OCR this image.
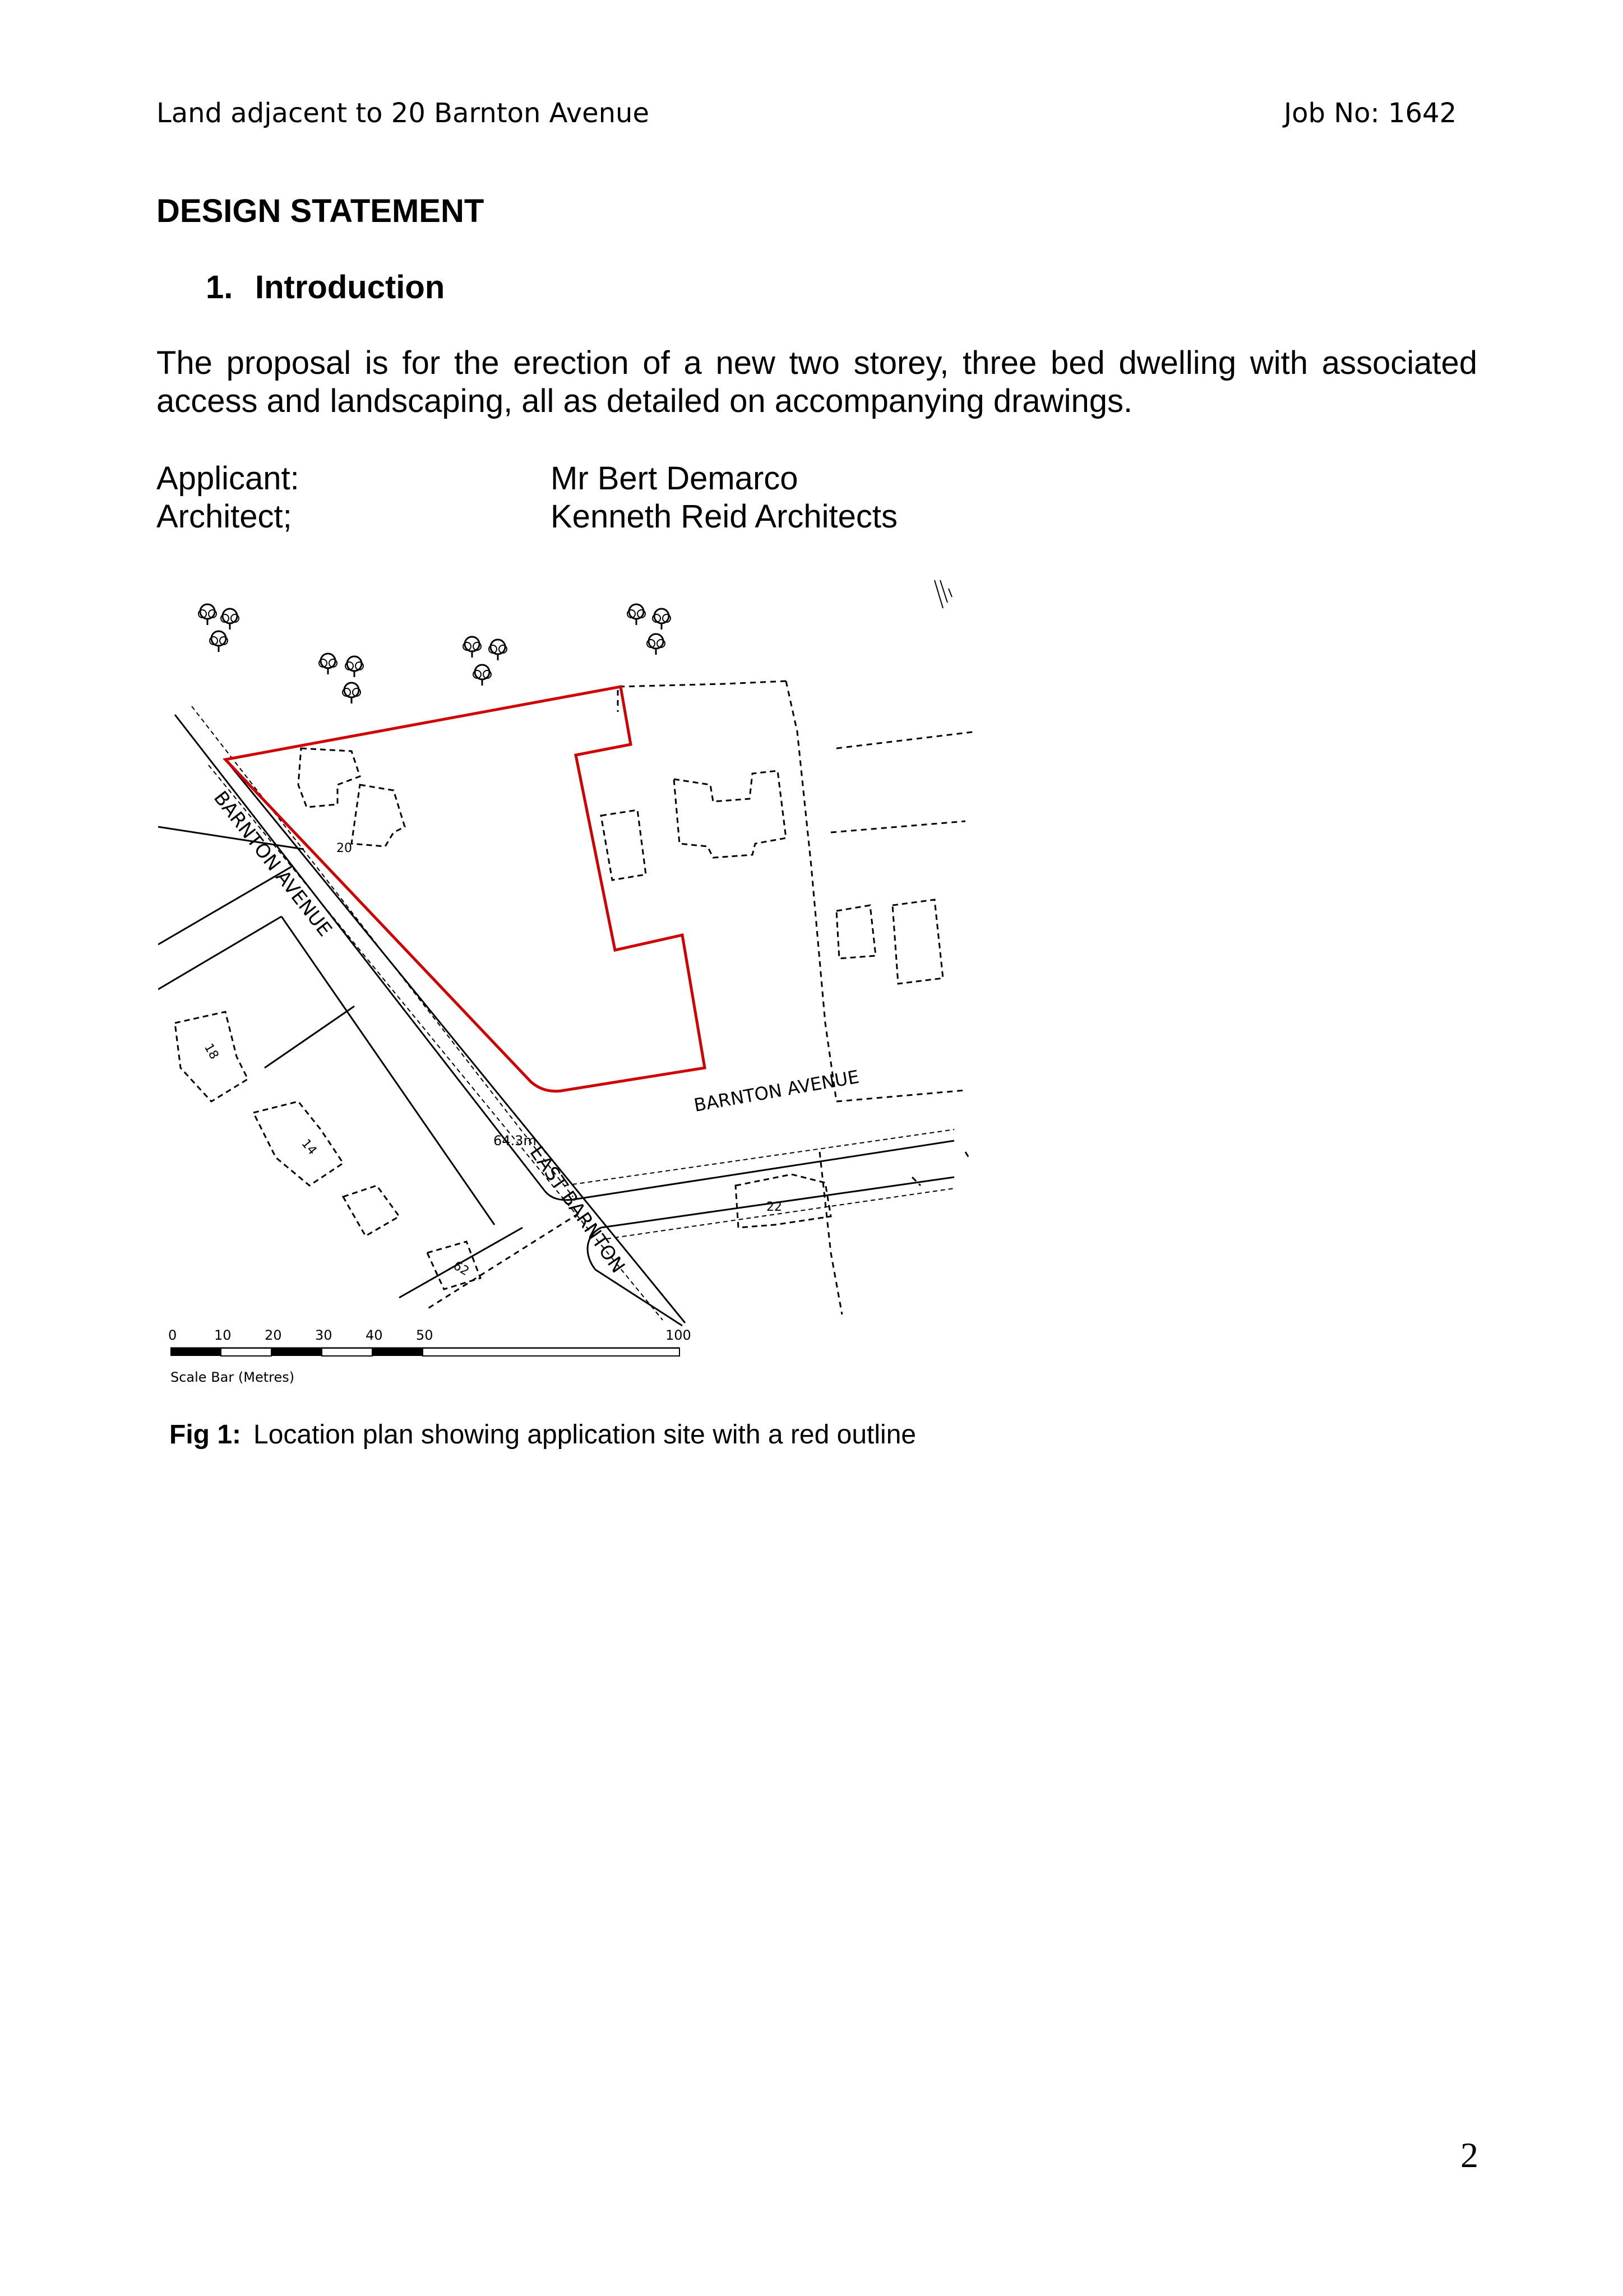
Land adjacent to 20 Barnton Avenue	Job No: 1642
DESIGN STATEMENT
1. Introduction

The proposal is for the erection of a new two storey, three bed dwelling with associated access and landscaping, all as detailed on accompanying drawings.

Applicant:	Mr Bert Demarco
Architect;	Kenneth Reid Architects
BARNTON AVENUE
BARNTON AVENUE
EAST BARNTON
64.3m
20
18
14
62
22
0	10 20 30 40 50	100
Scale Bar (Metres)
Fig 1: Location plan showing application site with a red outline
2
